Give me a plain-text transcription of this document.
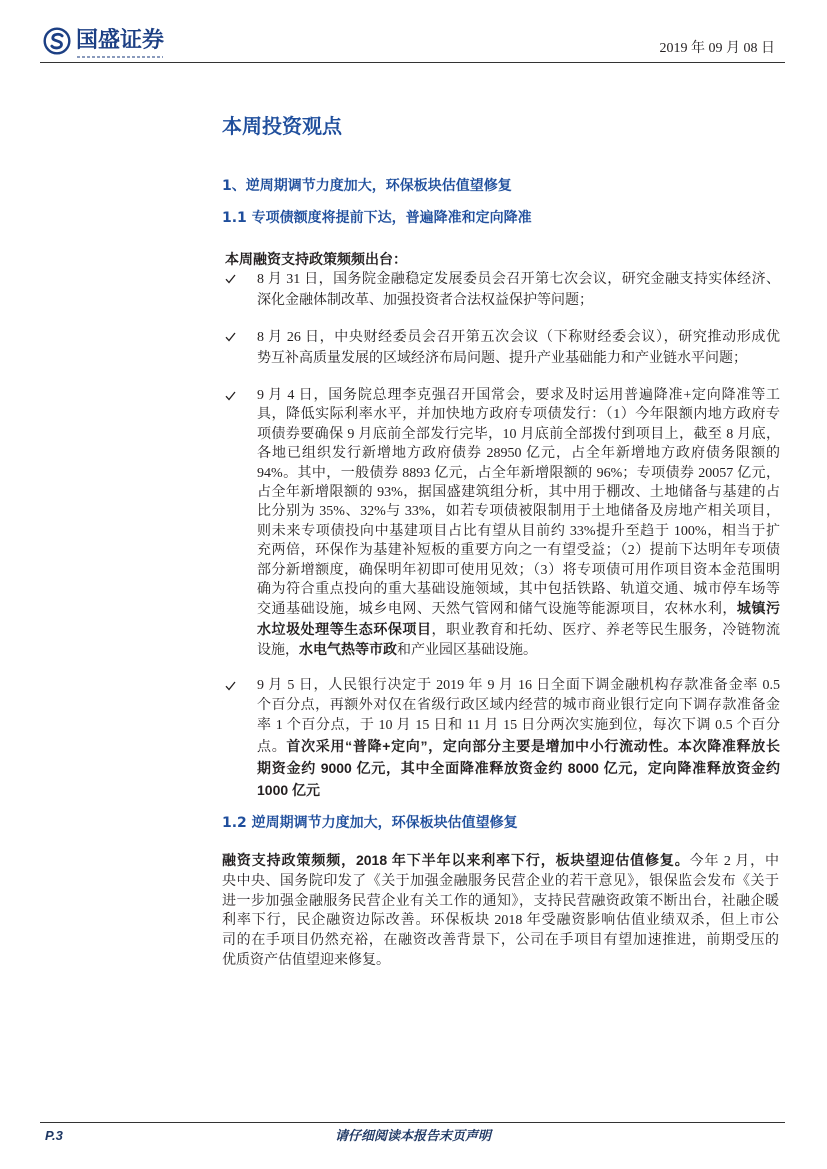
国盛证券	2019 年 09 月 08 日
本周投资观点
1、逆周期调节力度加大，环保板块估值望修复
1.1 专项债额度将提前下达，普遍降准和定向降准
本周融资支持政策频频出台：
8 月 31 日，国务院金融稳定发展委员会召开第七次会议，研究金融支持实体经济、
深化金融体制改革、加强投资者合法权益保护等问题；
8 月 26 日，中央财经委员会召开第五次会议（下称财经委会议），研究推动形成优
势互补高质量发展的区域经济布局问题、提升产业基础能力和产业链水平问题；
9 月 4 日，国务院总理李克强召开国常会，要求及时运用普遍降准+定向降准等工
具，降低实际利率水平，并加快地方政府专项债发行：（1）今年限额内地方政府专
项债券要确保 9 月底前全部发行完毕，10 月底前全部拨付到项目上，截至 8 月底，
各地已组织发行新增地方政府债券 28950 亿元，占全年新增地方政府债务限额的
94%。其中，一般债券 8893 亿元，占全年新增限额的 96%；专项债券 20057 亿元，
占全年新增限额的 93%，据国盛建筑组分析，其中用于棚改、土地储备与基建的占
比分别为 35%、32%与 33%，如若专项债被限制用于土地储备及房地产相关项目，
则未来专项债投向中基建项目占比有望从目前约 33%提升至趋于 100%，相当于扩
充两倍，环保作为基建补短板的重要方向之一有望受益；（2）提前下达明年专项债
部分新增额度，确保明年初即可使用见效；（3）将专项债可用作项目资本金范围明
确为符合重点投向的重大基础设施领域，其中包括铁路、轨道交通、城市停车场等
交通基础设施，城乡电网、天然气管网和储气设施等能源项目，农林水利，城镇污
水垃圾处理等生态环保项目，职业教育和托幼、医疗、养老等民生服务，冷链物流
设施，水电气热等市政和产业园区基础设施。
9 月 5 日，人民银行决定于 2019 年 9 月 16 日全面下调金融机构存款准备金率 0.5
个百分点，再额外对仅在省级行政区域内经营的城市商业银行定向下调存款准备金
率 1 个百分点，于 10 月 15 日和 11 月 15 日分两次实施到位，每次下调 0.5 个百分
点。首次采用“普降+定向”，定向部分主要是增加中小行流动性。本次降准释放长
期资金约 9000 亿元，其中全面降准释放资金约 8000 亿元，定向降准释放资金约
1000 亿元
1.2 逆周期调节力度加大，环保板块估值望修复
融资支持政策频频，2018 年下半年以来利率下行，板块望迎估值修复。今年 2 月，中
央中央、国务院印发了《关于加强金融服务民营企业的若干意见》，银保监会发布《关于
进一步加强金融服务民营企业有关工作的通知》，支持民营融资政策不断出台，社融企暖
利率下行，民企融资边际改善。环保板块 2018 年受融资影响估值业绩双杀，但上市公
司的在手项目仍然充裕，在融资改善背景下，公司在手项目有望加速推进，前期受压的
优质资产估值望迎来修复。
P.3	请仔细阅读本报告末页声明
